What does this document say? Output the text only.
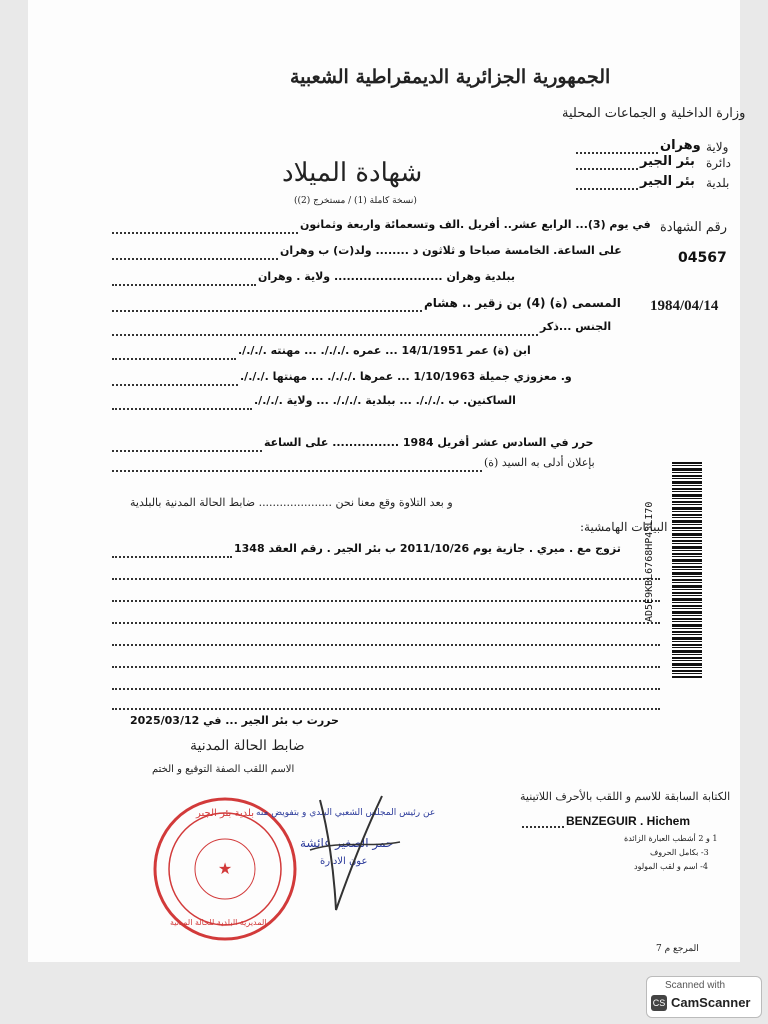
الجمهورية الجزائرية الديمقراطية الشعبية
وزارة الداخلية و الجماعات المحلية
ولاية
وهران
دائرة
بئر الجير
بلدية
بئر الجير
شهادة الميلاد
(نسخة كاملة (1) / مستخرج (2))
رقم الشهادة
04567
1984/04/14
في يوم (3)... الرابع عشر.. أفريل .الف وتسعمائة واربعة وثمانون
على الساعة. الخامسة صباحا و ثلاثون د ........ ولد(ت) ب وهران
ببلدية وهران .......................... ولاية . وهران
المسمى (ة) (4) بن زقير .. هشام
الجنس ...ذكر
ابن (ة) عمر 14/1/1951 ... عمره ./././. ... مهنته ./././.
و. معزوزي جميلة 1/10/1963 ... عمرها ./././. ... مهنتها ./././.
الساكنين. ب ./././. ... ببلدية ./././. ... ولاية ./././.
حرر في السادس عشر أفريل 1984 ................ على الساعة
بإعلان أدلى به السيد (ة)
و بعد التلاوة وقع معنا نحن ..................... ضابط الحالة المدنية بالبلدية
البيانات الهامشية:
تزوج مع . ميري . جازية يوم 2011/10/26 ب بئر الجير . رقم العقد 1348 AD5E9KBL6768HP43LI70
حررت ب بئر الجير ... في 2025/03/12
ضابط الحالة المدنية
الاسم اللقب الصفة التوقيع و الختم
الكتابة السابقة للاسم و اللقب بالأحرف اللاتينية
BENZEGUIR . Hichem
1 و 2 أشطب العبارة الزائدة
3- بكامل الحروف
4- اسم و لقب المولود
المرجع م 7
★
بلدية بئر الجير
المديرية البلدية للحالة المدنية
عن رئيس المجلس الشعبي البلدي و بتفويض منه
حمر الصغير عائشة
عون الادارة
Scanned with
CS CamScanner
